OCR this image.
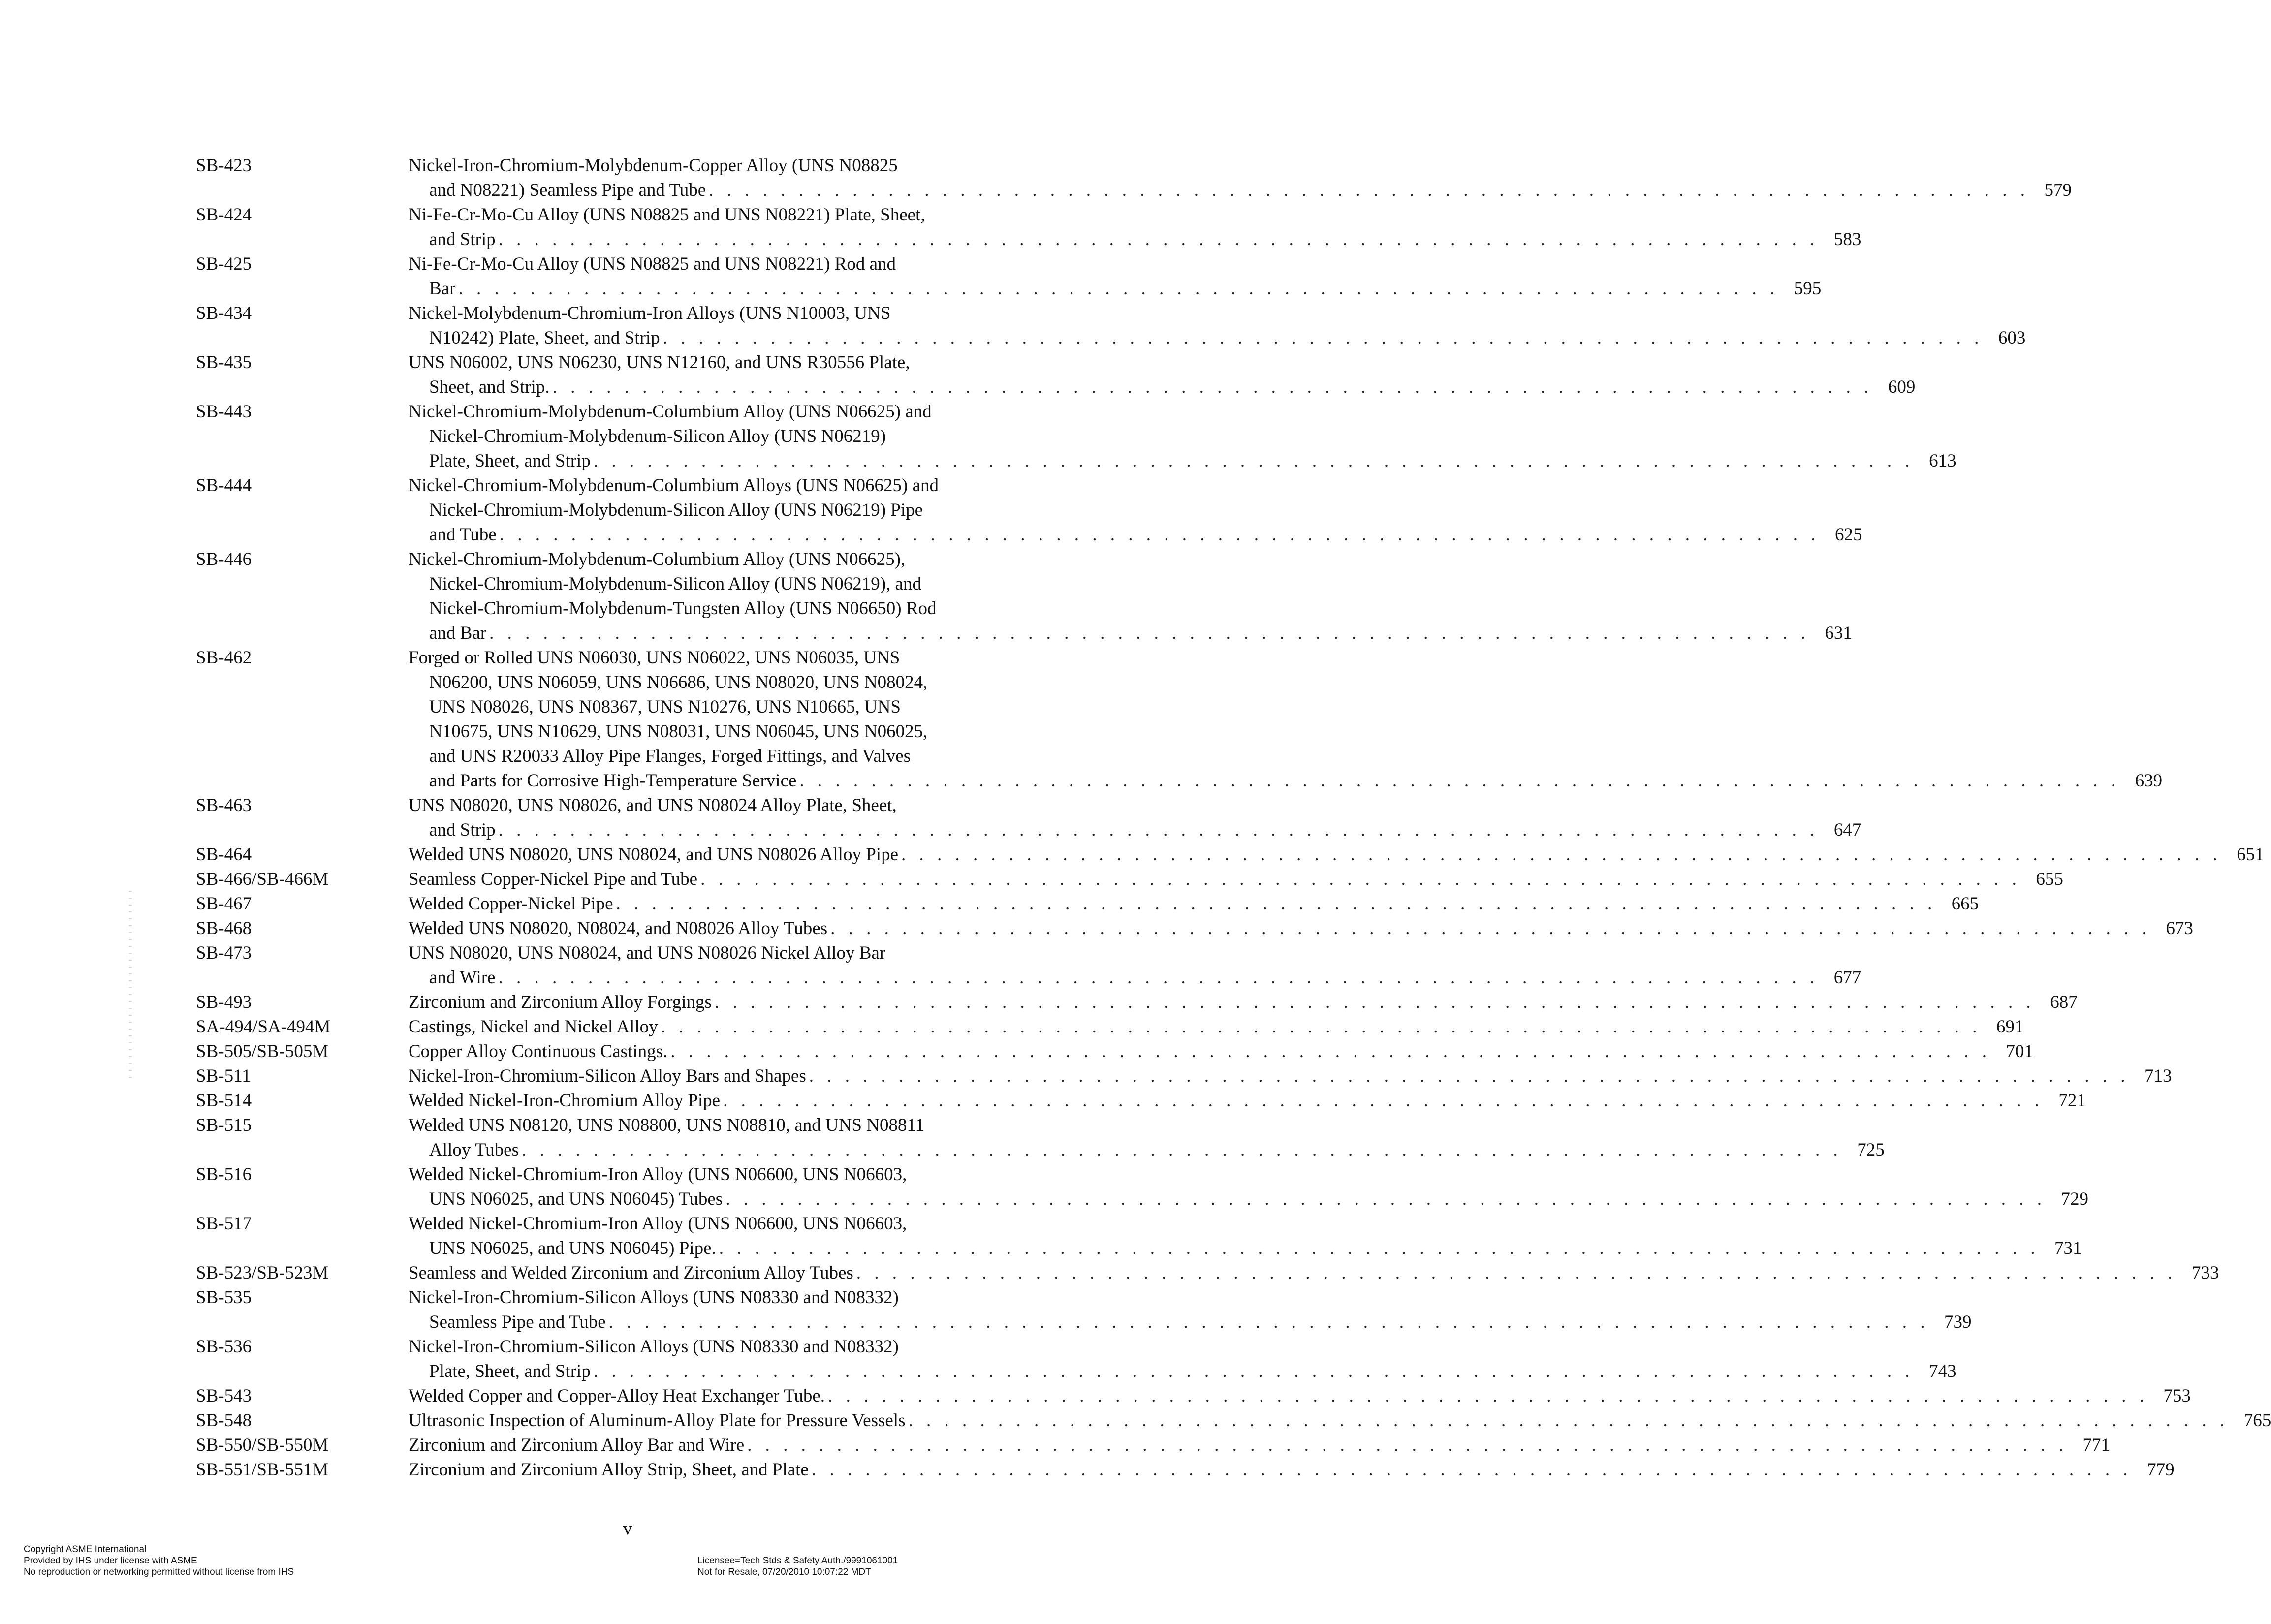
SB-423	Nickel-Iron-Chromium-Molybdenum-Copper Alloy (UNS N08825
and N08221) Seamless Pipe and Tube . . . . . . . . . . . . . . . . . . . . . . . . . . . . . . . . . . . . . . . . . . . . . . . . . . . . . . . . . . . . . . . . . . . . . . . . . . 579
SB-424	Ni-Fe-Cr-Mo-Cu Alloy (UNS N08825 and UNS N08221) Plate, Sheet,
and Strip . . . . . . . . . . . . . . . . . . . . . . . . . . . . . . . . . . . . . . . . . . . . . . . . . . . . . . . . . . . . . . . . . . . . . . . . . . 583
SB-425	Ni-Fe-Cr-Mo-Cu Alloy (UNS N08825 and UNS N08221) Rod and
Bar . . . . . . . . . . . . . . . . . . . . . . . . . . . . . . . . . . . . . . . . . . . . . . . . . . . . . . . . . . . . . . . . . . . . . . . . . . 595
SB-434	Nickel-Molybdenum-Chromium-Iron Alloys (UNS N10003, UNS
N10242) Plate, Sheet, and Strip . . . . . . . . . . . . . . . . . . . . . . . . . . . . . . . . . . . . . . . . . . . . . . . . . . . . . . . . . . . . . . . . . . . . . . . . . . 603
SB-435	UNS N06002, UNS N06230, UNS N12160, and UNS R30556 Plate,
Sheet, and Strip. . . . . . . . . . . . . . . . . . . . . . . . . . . . . . . . . . . . . . . . . . . . . . . . . . . . . . . . . . . . . . . . . . . . . . . . . . . 609
SB-443	Nickel-Chromium-Molybdenum-Columbium Alloy (UNS N06625) and
Nickel-Chromium-Molybdenum-Silicon Alloy (UNS N06219)
Plate, Sheet, and Strip . . . . . . . . . . . . . . . . . . . . . . . . . . . . . . . . . . . . . . . . . . . . . . . . . . . . . . . . . . . . . . . . . . . . . . . . . . 613
SB-444	Nickel-Chromium-Molybdenum-Columbium Alloys (UNS N06625) and
Nickel-Chromium-Molybdenum-Silicon Alloy (UNS N06219) Pipe
and Tube . . . . . . . . . . . . . . . . . . . . . . . . . . . . . . . . . . . . . . . . . . . . . . . . . . . . . . . . . . . . . . . . . . . . . . . . . . 625
SB-446	Nickel-Chromium-Molybdenum-Columbium Alloy (UNS N06625),
Nickel-Chromium-Molybdenum-Silicon Alloy (UNS N06219), and
Nickel-Chromium-Molybdenum-Tungsten Alloy (UNS N06650) Rod
and Bar . . . . . . . . . . . . . . . . . . . . . . . . . . . . . . . . . . . . . . . . . . . . . . . . . . . . . . . . . . . . . . . . . . . . . . . . . . 631
SB-462	Forged or Rolled UNS N06030, UNS N06022, UNS N06035, UNS
N06200, UNS N06059, UNS N06686, UNS N08020, UNS N08024,
UNS N08026, UNS N08367, UNS N10276, UNS N10665, UNS
N10675, UNS N10629, UNS N08031, UNS N06045, UNS N06025,
and UNS R20033 Alloy Pipe Flanges, Forged Fittings, and Valves
and Parts for Corrosive High-Temperature Service . . . . . . . . . . . . . . . . . . . . . . . . . . . . . . . . . . . . . . . . . . . . . . . . . . . . . . . . . . . . . . . . . . . . . . . . . . 639
SB-463	UNS N08020, UNS N08026, and UNS N08024 Alloy Plate, Sheet,
and Strip . . . . . . . . . . . . . . . . . . . . . . . . . . . . . . . . . . . . . . . . . . . . . . . . . . . . . . . . . . . . . . . . . . . . . . . . . . 647
SB-464	Welded UNS N08020, UNS N08024, and UNS N08026 Alloy Pipe . . . . . . . . . . . . . . . . . . . . . . . . . . . . . . . . . . . . . . . . . . . . . . . . . . . . . . . . . . . . . . . . . . . . . . . . . . 651
SB-466/SB-466M	Seamless Copper-Nickel Pipe and Tube . . . . . . . . . . . . . . . . . . . . . . . . . . . . . . . . . . . . . . . . . . . . . . . . . . . . . . . . . . . . . . . . . . . . . . . . . . 655
SB-467	Welded Copper-Nickel Pipe . . . . . . . . . . . . . . . . . . . . . . . . . . . . . . . . . . . . . . . . . . . . . . . . . . . . . . . . . . . . . . . . . . . . . . . . . . 665
SB-468	Welded UNS N08020, N08024, and N08026 Alloy Tubes . . . . . . . . . . . . . . . . . . . . . . . . . . . . . . . . . . . . . . . . . . . . . . . . . . . . . . . . . . . . . . . . . . . . . . . . . . 673
SB-473	UNS N08020, UNS N08024, and UNS N08026 Nickel Alloy Bar
and Wire . . . . . . . . . . . . . . . . . . . . . . . . . . . . . . . . . . . . . . . . . . . . . . . . . . . . . . . . . . . . . . . . . . . . . . . . . . 677
SB-493	Zirconium and Zirconium Alloy Forgings . . . . . . . . . . . . . . . . . . . . . . . . . . . . . . . . . . . . . . . . . . . . . . . . . . . . . . . . . . . . . . . . . . . . . . . . . . 687
SA-494/SA-494M	Castings, Nickel and Nickel Alloy . . . . . . . . . . . . . . . . . . . . . . . . . . . . . . . . . . . . . . . . . . . . . . . . . . . . . . . . . . . . . . . . . . . . . . . . . . 691
SB-505/SB-505M	Copper Alloy Continuous Castings. . . . . . . . . . . . . . . . . . . . . . . . . . . . . . . . . . . . . . . . . . . . . . . . . . . . . . . . . . . . . . . . . . . . . . . . . . . 701
SB-511	Nickel-Iron-Chromium-Silicon Alloy Bars and Shapes . . . . . . . . . . . . . . . . . . . . . . . . . . . . . . . . . . . . . . . . . . . . . . . . . . . . . . . . . . . . . . . . . . . . . . . . . . 713
SB-514	Welded Nickel-Iron-Chromium Alloy Pipe . . . . . . . . . . . . . . . . . . . . . . . . . . . . . . . . . . . . . . . . . . . . . . . . . . . . . . . . . . . . . . . . . . . . . . . . . . 721
SB-515	Welded UNS N08120, UNS N08800, UNS N08810, and UNS N08811
Alloy Tubes . . . . . . . . . . . . . . . . . . . . . . . . . . . . . . . . . . . . . . . . . . . . . . . . . . . . . . . . . . . . . . . . . . . . . . . . . . 725
SB-516	Welded Nickel-Chromium-Iron Alloy (UNS N06600, UNS N06603,
UNS N06025, and UNS N06045) Tubes . . . . . . . . . . . . . . . . . . . . . . . . . . . . . . . . . . . . . . . . . . . . . . . . . . . . . . . . . . . . . . . . . . . . . . . . . . 729
SB-517	Welded Nickel-Chromium-Iron Alloy (UNS N06600, UNS N06603,
UNS N06025, and UNS N06045) Pipe. . . . . . . . . . . . . . . . . . . . . . . . . . . . . . . . . . . . . . . . . . . . . . . . . . . . . . . . . . . . . . . . . . . . . . . . . . . 731
SB-523/SB-523M	Seamless and Welded Zirconium and Zirconium Alloy Tubes . . . . . . . . . . . . . . . . . . . . . . . . . . . . . . . . . . . . . . . . . . . . . . . . . . . . . . . . . . . . . . . . . . . . . . . . . . 733
SB-535	Nickel-Iron-Chromium-Silicon Alloys (UNS N08330 and N08332)
Seamless Pipe and Tube . . . . . . . . . . . . . . . . . . . . . . . . . . . . . . . . . . . . . . . . . . . . . . . . . . . . . . . . . . . . . . . . . . . . . . . . . . 739
SB-536	Nickel-Iron-Chromium-Silicon Alloys (UNS N08330 and N08332)
Plate, Sheet, and Strip . . . . . . . . . . . . . . . . . . . . . . . . . . . . . . . . . . . . . . . . . . . . . . . . . . . . . . . . . . . . . . . . . . . . . . . . . . 743
SB-543	Welded Copper and Copper-Alloy Heat Exchanger Tube. . . . . . . . . . . . . . . . . . . . . . . . . . . . . . . . . . . . . . . . . . . . . . . . . . . . . . . . . . . . . . . . . . . . . . . . . . . 753
SB-548	Ultrasonic Inspection of Aluminum-Alloy Plate for Pressure Vessels . . . . . . . . . . . . . . . . . . . . . . . . . . . . . . . . . . . . . . . . . . . . . . . . . . . . . . . . . . . . . . . . . . . . . . . . . . 765
SB-550/SB-550M	Zirconium and Zirconium Alloy Bar and Wire . . . . . . . . . . . . . . . . . . . . . . . . . . . . . . . . . . . . . . . . . . . . . . . . . . . . . . . . . . . . . . . . . . . . . . . . . . 771
SB-551/SB-551M	Zirconium and Zirconium Alloy Strip, Sheet, and Plate . . . . . . . . . . . . . . . . . . . . . . . . . . . . . . . . . . . . . . . . . . . . . . . . . . . . . . . . . . . . . . . . . . . . . . . . . . 779
v
Copyright ASME International
Provided by IHS under license with ASME
No reproduction or networking permitted without license from IHS
Licensee=Tech Stds & Safety Auth./9991061001
Not for Resale, 07/20/2010 10:07:22 MDT
